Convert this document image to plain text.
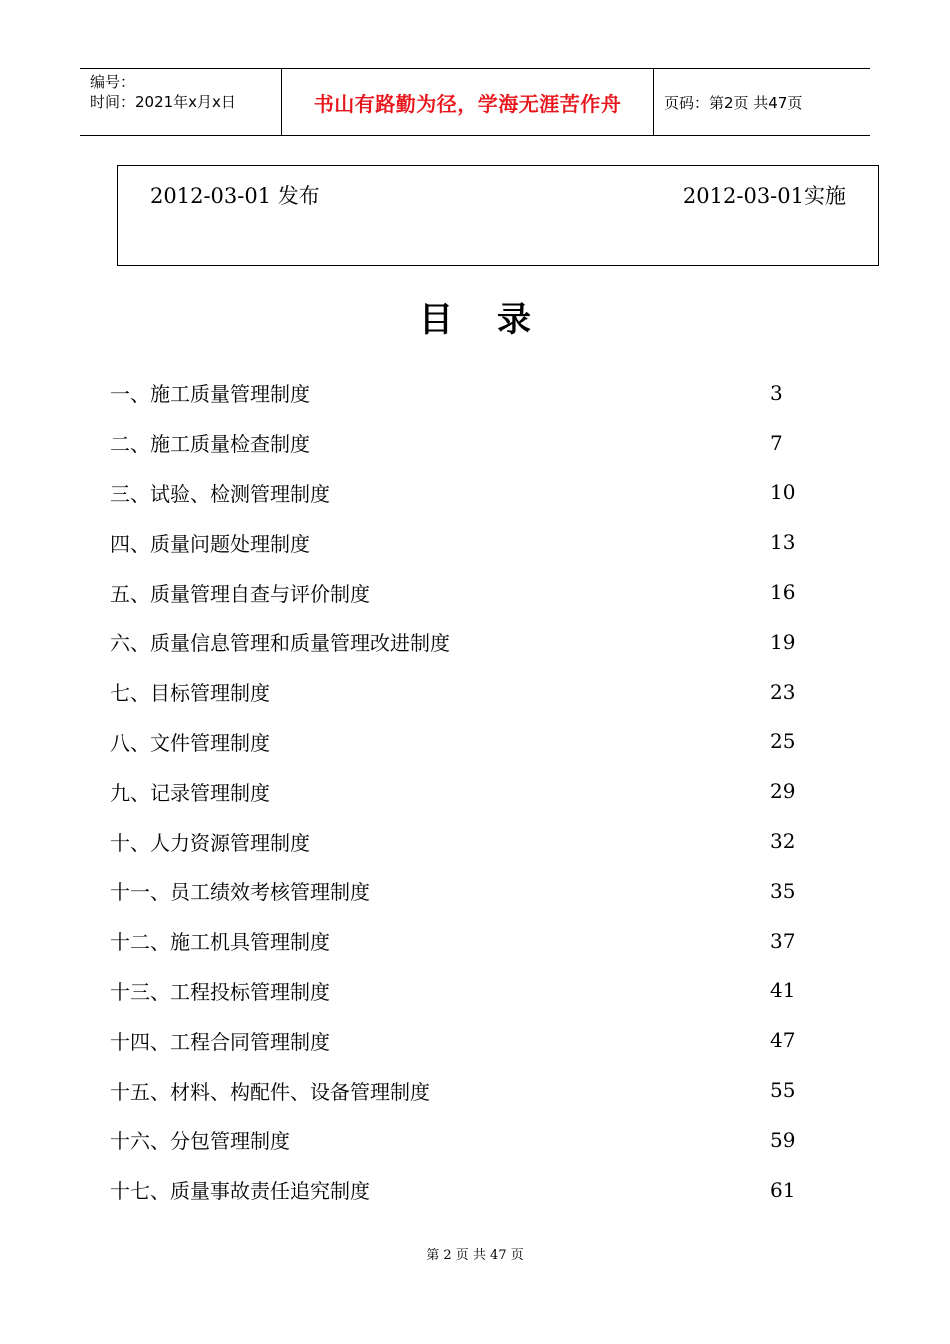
编号：
时间：2021年x月x日	书山有路勤为径，学海无涯苦作舟	页码：第2页 共47页
2012-03-01 发布	2012-03-01实施
目录
一、施工质量管理制度	3
二、施工质量检查制度	7
三、试验、检测管理制度	10
四、质量问题处理制度	13
五、质量管理自查与评价制度	16
六、质量信息管理和质量管理改进制度	19
七、目标管理制度	23
八、文件管理制度	25
九、记录管理制度	29
十、人力资源管理制度	32
十一、员工绩效考核管理制度	35
十二、施工机具管理制度	37
十三、工程投标管理制度	41
十四、工程合同管理制度	47
十五、材料、构配件、设备管理制度	55
十六、分包管理制度	59
十七、质量事故责任追究制度	61
第 2 页 共 47 页
